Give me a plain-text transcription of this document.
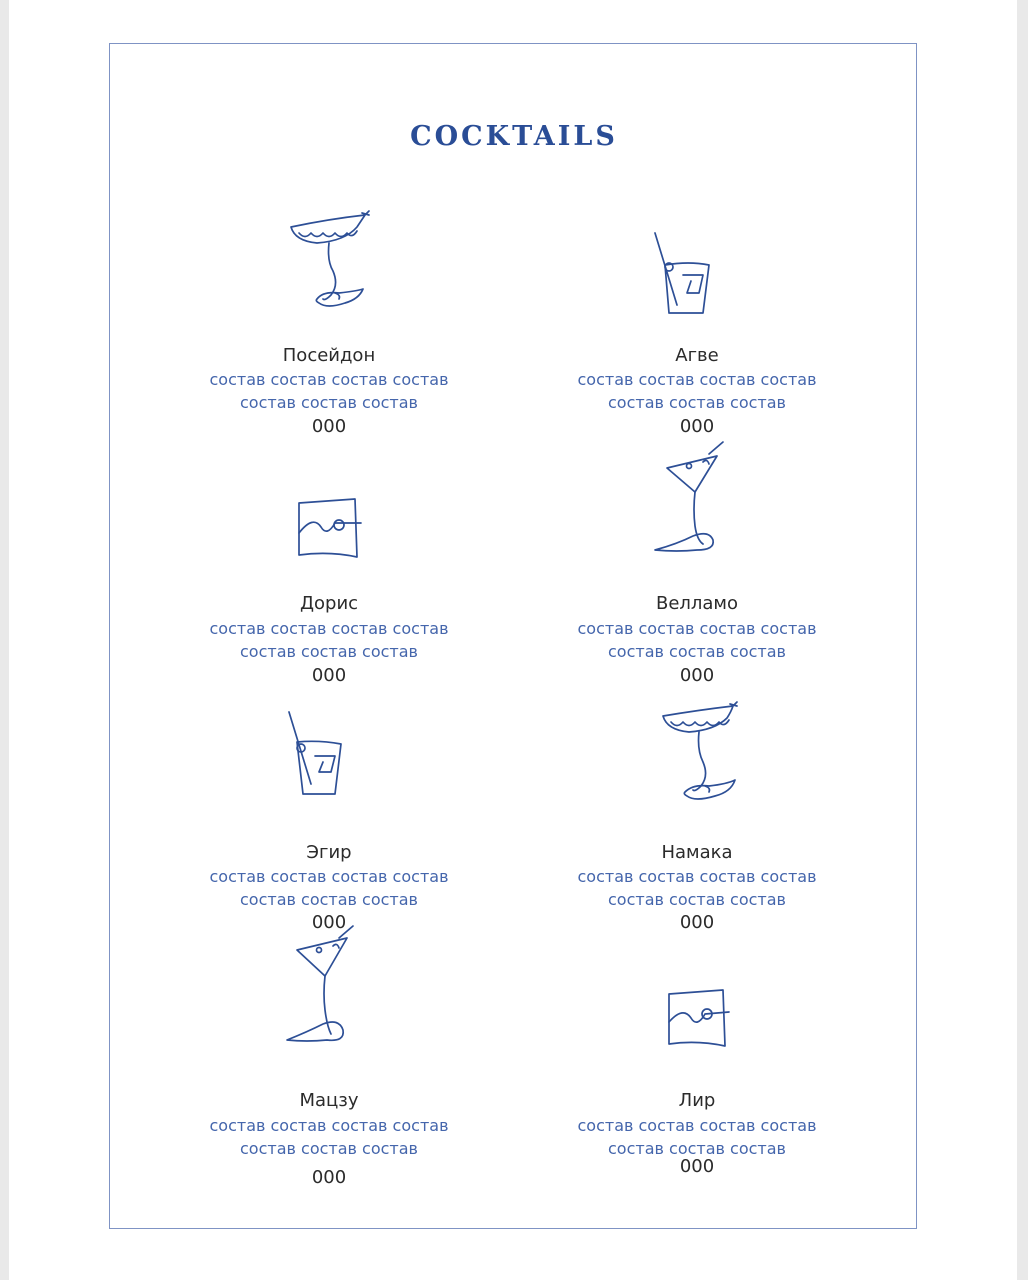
COCKTAILS
Посейдон
состав состав состав состав
состав состав состав
000
Агве
состав состав состав состав
состав состав состав
000
Дорис
состав состав состав состав
состав состав состав
000
Велламо
состав состав состав состав
состав состав состав
000
Эгир
состав состав состав состав
состав состав состав
000
Намака
состав состав состав состав
состав состав состав
000
Мацзу
состав состав состав состав
состав состав состав
000
Лир
состав состав состав состав
состав состав состав
000
